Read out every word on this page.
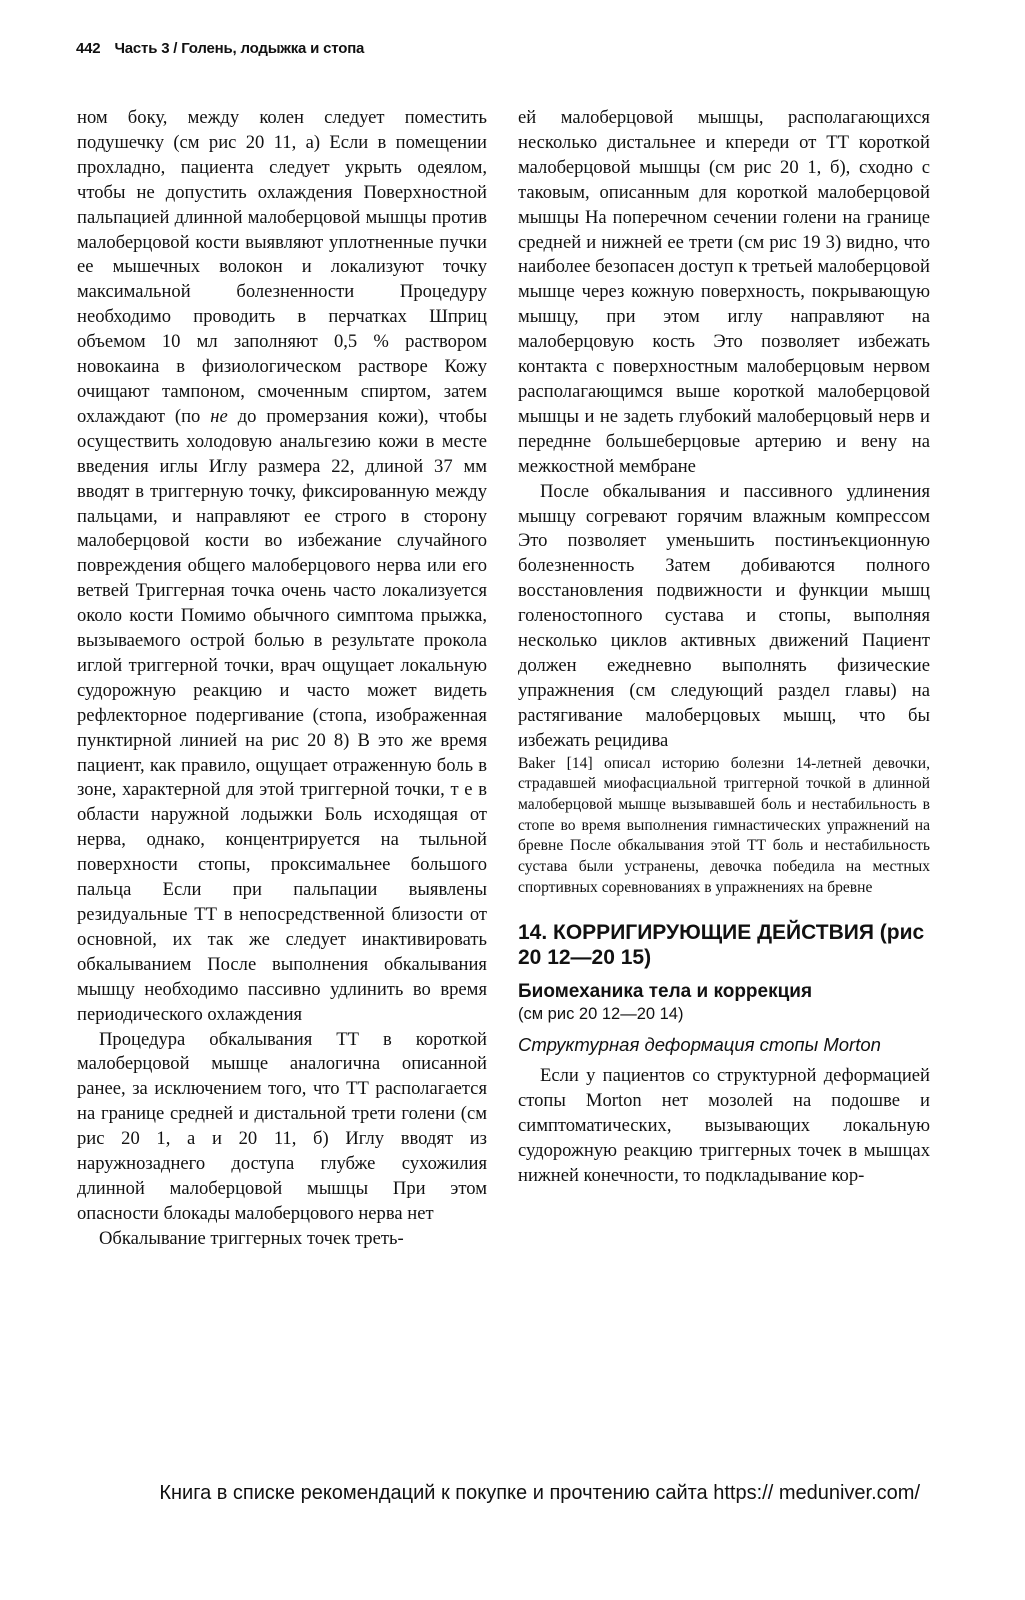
442 Часть 3 / Голень, лодыжка и стопа

ном боку, между колен следует поместить подушечку (см рис 20 11, а) Если в помещении прохладно, пациента следует укрыть одеялом, чтобы не допустить охлаждения Поверхностной пальпацией длинной малоберцовой мышцы против малоберцовой кости выявляют уплотненные пучки ее мышечных волокон и локализуют точку максимальной болезненности Процедуру необходимо проводить в перчатках Шприц объемом 10 мл заполняют 0,5 % раствором новокаина в физиологическом растворе Кожу очищают тампоном, смоченным спиртом, затем охлаждают (по не до промерзания кожи), чтобы осуществить холодовую анальгезию кожи в месте введения иглы Иглу размера 22, длиной 37 мм вводят в триггерную точку, фиксированную между пальцами, и направляют ее строго в сторону малоберцовой кости во избежание случайного повреждения общего малоберцового нерва или его ветвей Триггерная точка очень часто локализуется около кости Помимо обычного симптома прыжка, вызываемого острой болью в результате прокола иглой триггерной точки, врач ощущает локальную судорожную реакцию и часто может видеть рефлекторное подергивание (стопа, изображенная пунктирной линией на рис 20 8) В это же время пациент, как правило, ощущает отраженную боль в зоне, характерной для этой триггерной точки, т е в области наружной лодыжки Боль исходящая от нерва, однако, концентрируется на тыльной поверхности стопы, проксимальнее большого пальца Если при пальпации выявлены резидуальные ТТ в непосредственной близости от основной, их так же следует инактивировать обкалыванием После выполнения обкалывания мышцу необходимо пассивно удлинить во время периодического охлаждения

Процедура обкалывания ТТ в короткой малоберцовой мышце аналогична описанной ранее, за исключением того, что ТТ располагается на границе средней и дистальной трети голени (см рис 20 1, а и 20 11, б) Иглу вводят из наружнозаднего доступа глубже сухожилия длинной малоберцовой мышцы При этом опасности блокады малоберцового нерва нет

Обкалывание триггерных точек треть-

ей малоберцовой мышцы, располагающихся несколько дистальнее и кпереди от ТТ короткой малоберцовой мышцы (см рис 20 1, б), сходно с таковым, описанным для короткой малоберцовой мышцы На поперечном сечении голени на границе средней и нижней ее трети (см рис 19 3) видно, что наиболее безопасен доступ к третьей малоберцовой мышце через кожную поверхность, покрывающую мышцу, при этом иглу направляют на малоберцовую кость Это позволяет избежать контакта с поверхностным малоберцовым нервом располагающимся выше короткой малоберцовой мышцы и не задеть глубокий малоберцовый нерв и переднне большеберцовые артерию и вену на межкостной мембране

После обкалывания и пассивного удлинения мышцу согревают горячим влажным компрессом Это позволяет уменьшить постинъекционную болезненность Затем добиваются полного восстановления подвижности и функции мышц голеностопного сустава и стопы, выполняя несколько циклов активных движений Пациент должен ежедневно выполнять физические упражнения (см следующий раздел главы) на растягивание малоберцовых мышц, что бы избежать рецидива

Baker [14] описал историю болезни 14-летней девочки, страдавшей миофасциальной триггерной точкой в длинной малоберцовой мышце вызывавшей боль и нестабильность в стопе во время выполнения гимнастических упражнений на бревне После обкалывания этой ТТ боль и нестабильность сустава были устранены, девочка победила на местных спортивных соревнованиях в упражнениях на бревне

14. КОРРИГИРУЮЩИЕ ДЕЙСТВИЯ (рис 20 12—20 15)
Биомеханика тела и коррекция
(см рис 20 12—20 14)
Структурная деформация стопы Morton

Если у пациентов со структурной деформацией стопы Morton нет мозолей на подошве и симптоматических, вызывающих локальную судорожную реакцию триггерных точек в мышцах нижней конечности, то подкладывание кор-

Книга в списке рекомендаций к покупке и прочтению сайта https:// meduniver.com/
